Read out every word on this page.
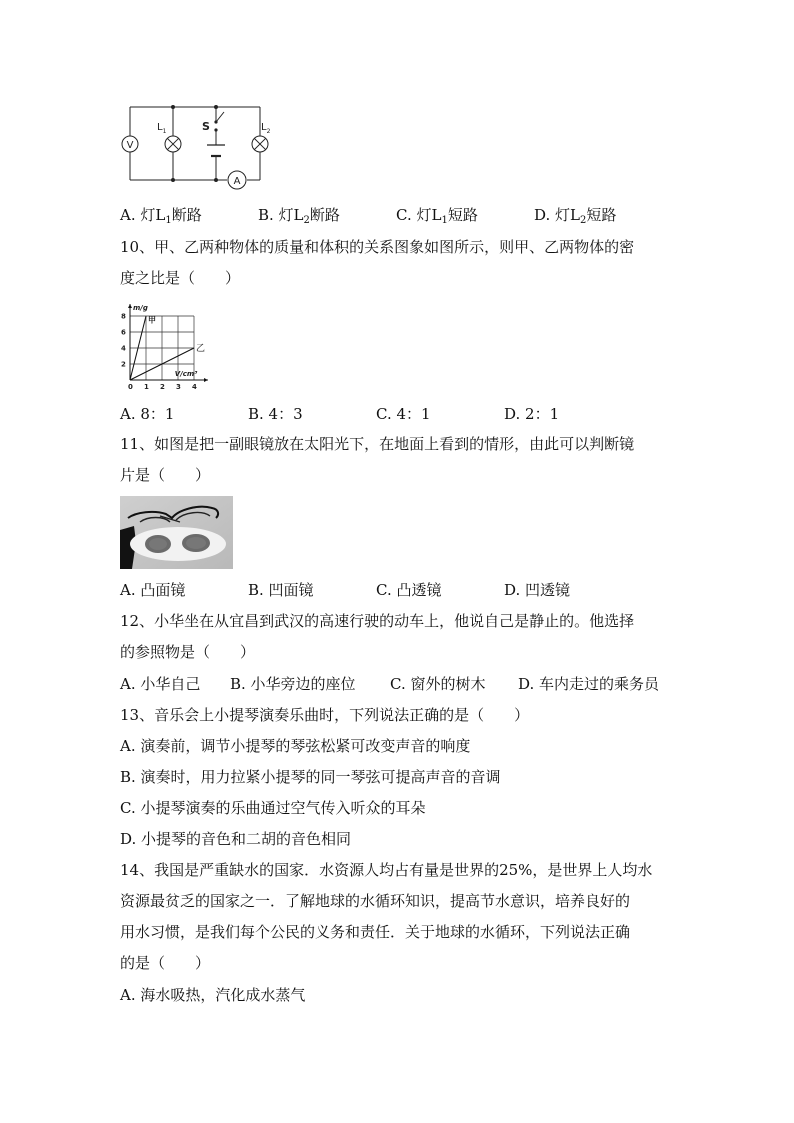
V
$L_1$	S	$L_2$
A
A. 灯$L_1$断路	B. 灯$L_2$断路	C. 灯$L_1$短路	D. 灯$L_2$短路
10、甲、乙两种物体的质量和体积的关系图象如图所示，则甲、乙两物体的密
度之比是（　　）
0 1 2 3 4
2
4
6
8
m/g
V/cm³
甲
乙
A. 8：1	B. 4：3	C. 4：1	D. 2：1
11、如图是把一副眼镜放在太阳光下，在地面上看到的情形，由此可以判断镜
片是（　　）
A. 凸面镜	B. 凹面镜	C. 凸透镜	D. 凹透镜
12、小华坐在从宜昌到武汉的高速行驶的动车上，他说自己是静止的。他选择
的参照物是（　　）
A. 小华自己 B. 小华旁边的座位 C. 窗外的树木 D. 车内走过的乘务员
13、音乐会上小提琴演奏乐曲时，下列说法正确的是（　　）
A. 演奏前，调节小提琴的琴弦松紧可改变声音的响度
B. 演奏时，用力拉紧小提琴的同一琴弦可提高声音的音调
C. 小提琴演奏的乐曲通过空气传入听众的耳朵
D. 小提琴的音色和二胡的音色相同
14、我国是严重缺水的国家．水资源人均占有量是世界的25%，是世界上人均水
资源最贫乏的国家之一．了解地球的水循环知识，提高节水意识，培养良好的
用水习惯，是我们每个公民的义务和责任．关于地球的水循环，下列说法正确
的是（　　）
A. 海水吸热，汽化成水蒸气
